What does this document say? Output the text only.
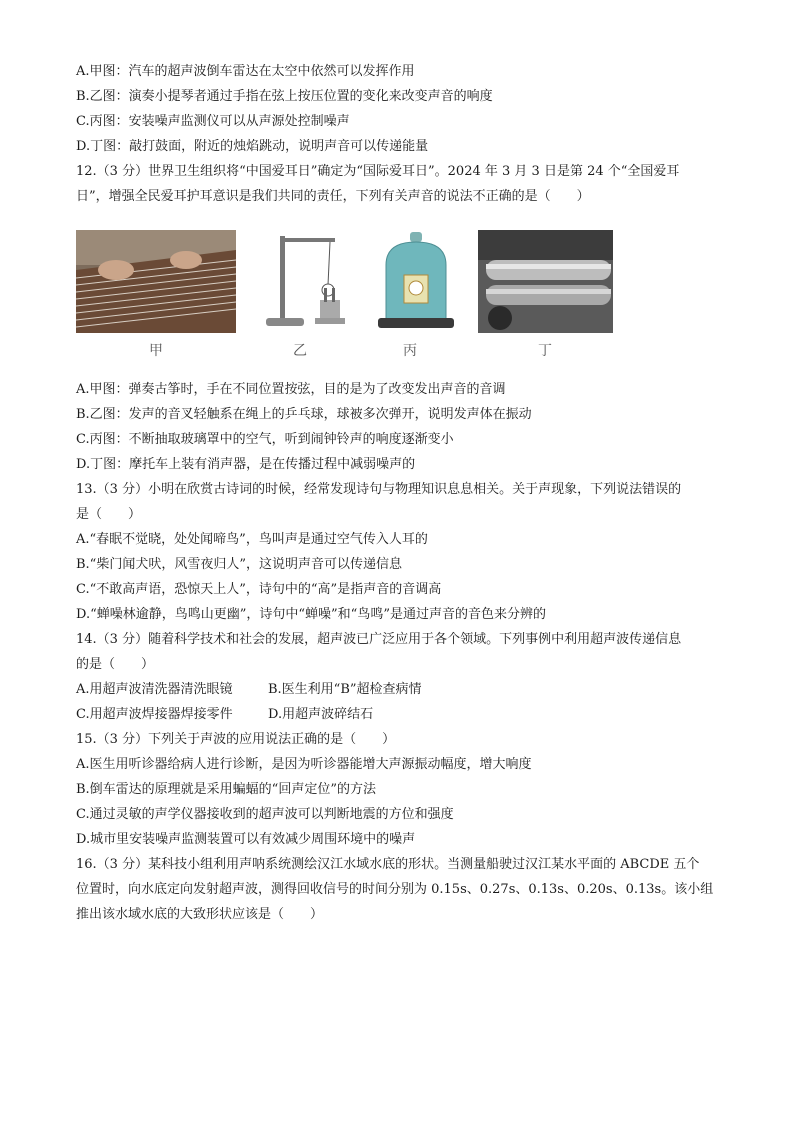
A.甲图：汽车的超声波倒车雷达在太空中依然可以发挥作用
B.乙图：演奏小提琴者通过手指在弦上按压位置的变化来改变声音的响度
C.丙图：安装噪声监测仪可以从声源处控制噪声
D.丁图：敲打鼓面，附近的烛焰跳动，说明声音可以传递能量
12.（3 分）世界卫生组织将“中国爱耳日”确定为“国际爱耳日”。2024 年 3 月 3 日是第 24 个“全国爱耳
日”，增强全民爱耳护耳意识是我们共同的责任，下列有关声音的说法不正确的是（　　）
甲	乙	丙	丁
A.甲图：弹奏古筝时，手在不同位置按弦，目的是为了改变发出声音的音调
B.乙图：发声的音叉轻触系在绳上的乒乓球，球被多次弹开，说明发声体在振动
C.丙图：不断抽取玻璃罩中的空气，听到闹钟铃声的响度逐渐变小
D.丁图：摩托车上装有消声器，是在传播过程中减弱噪声的
13.（3 分）小明在欣赏古诗词的时候，经常发现诗句与物理知识息息相关。关于声现象，下列说法错误的
是（　　）
A.“春眠不觉晓，处处闻啼鸟”，鸟叫声是通过空气传入人耳的
B.“柴门闻犬吠，风雪夜归人”，这说明声音可以传递信息
C.“不敢高声语，恐惊天上人”，诗句中的“高”是指声音的音调高
D.“蝉噪林逾静，鸟鸣山更幽”，诗句中“蝉噪”和“鸟鸣”是通过声音的音色来分辨的
14.（3 分）随着科学技术和社会的发展，超声波已广泛应用于各个领域。下列事例中利用超声波传递信息
的是（　　）
A.用超声波清洗器清洗眼镜	B.医生利用“B”超检查病情
C.用超声波焊接器焊接零件	D.用超声波碎结石
15.（3 分）下列关于声波的应用说法正确的是（　　）
A.医生用听诊器给病人进行诊断，是因为听诊器能增大声源振动幅度，增大响度
B.倒车雷达的原理就是采用蝙蝠的“回声定位”的方法
C.通过灵敏的声学仪器接收到的超声波可以判断地震的方位和强度
D.城市里安装噪声监测装置可以有效减少周围环境中的噪声
16.（3 分）某科技小组利用声呐系统测绘汉江水域水底的形状。当测量船驶过汉江某水平面的 ABCDE 五个
位置时，向水底定向发射超声波，测得回收信号的时间分别为 0.15s、0.27s、0.13s、0.20s、0.13s。该小组
推出该水域水底的大致形状应该是（　　）
